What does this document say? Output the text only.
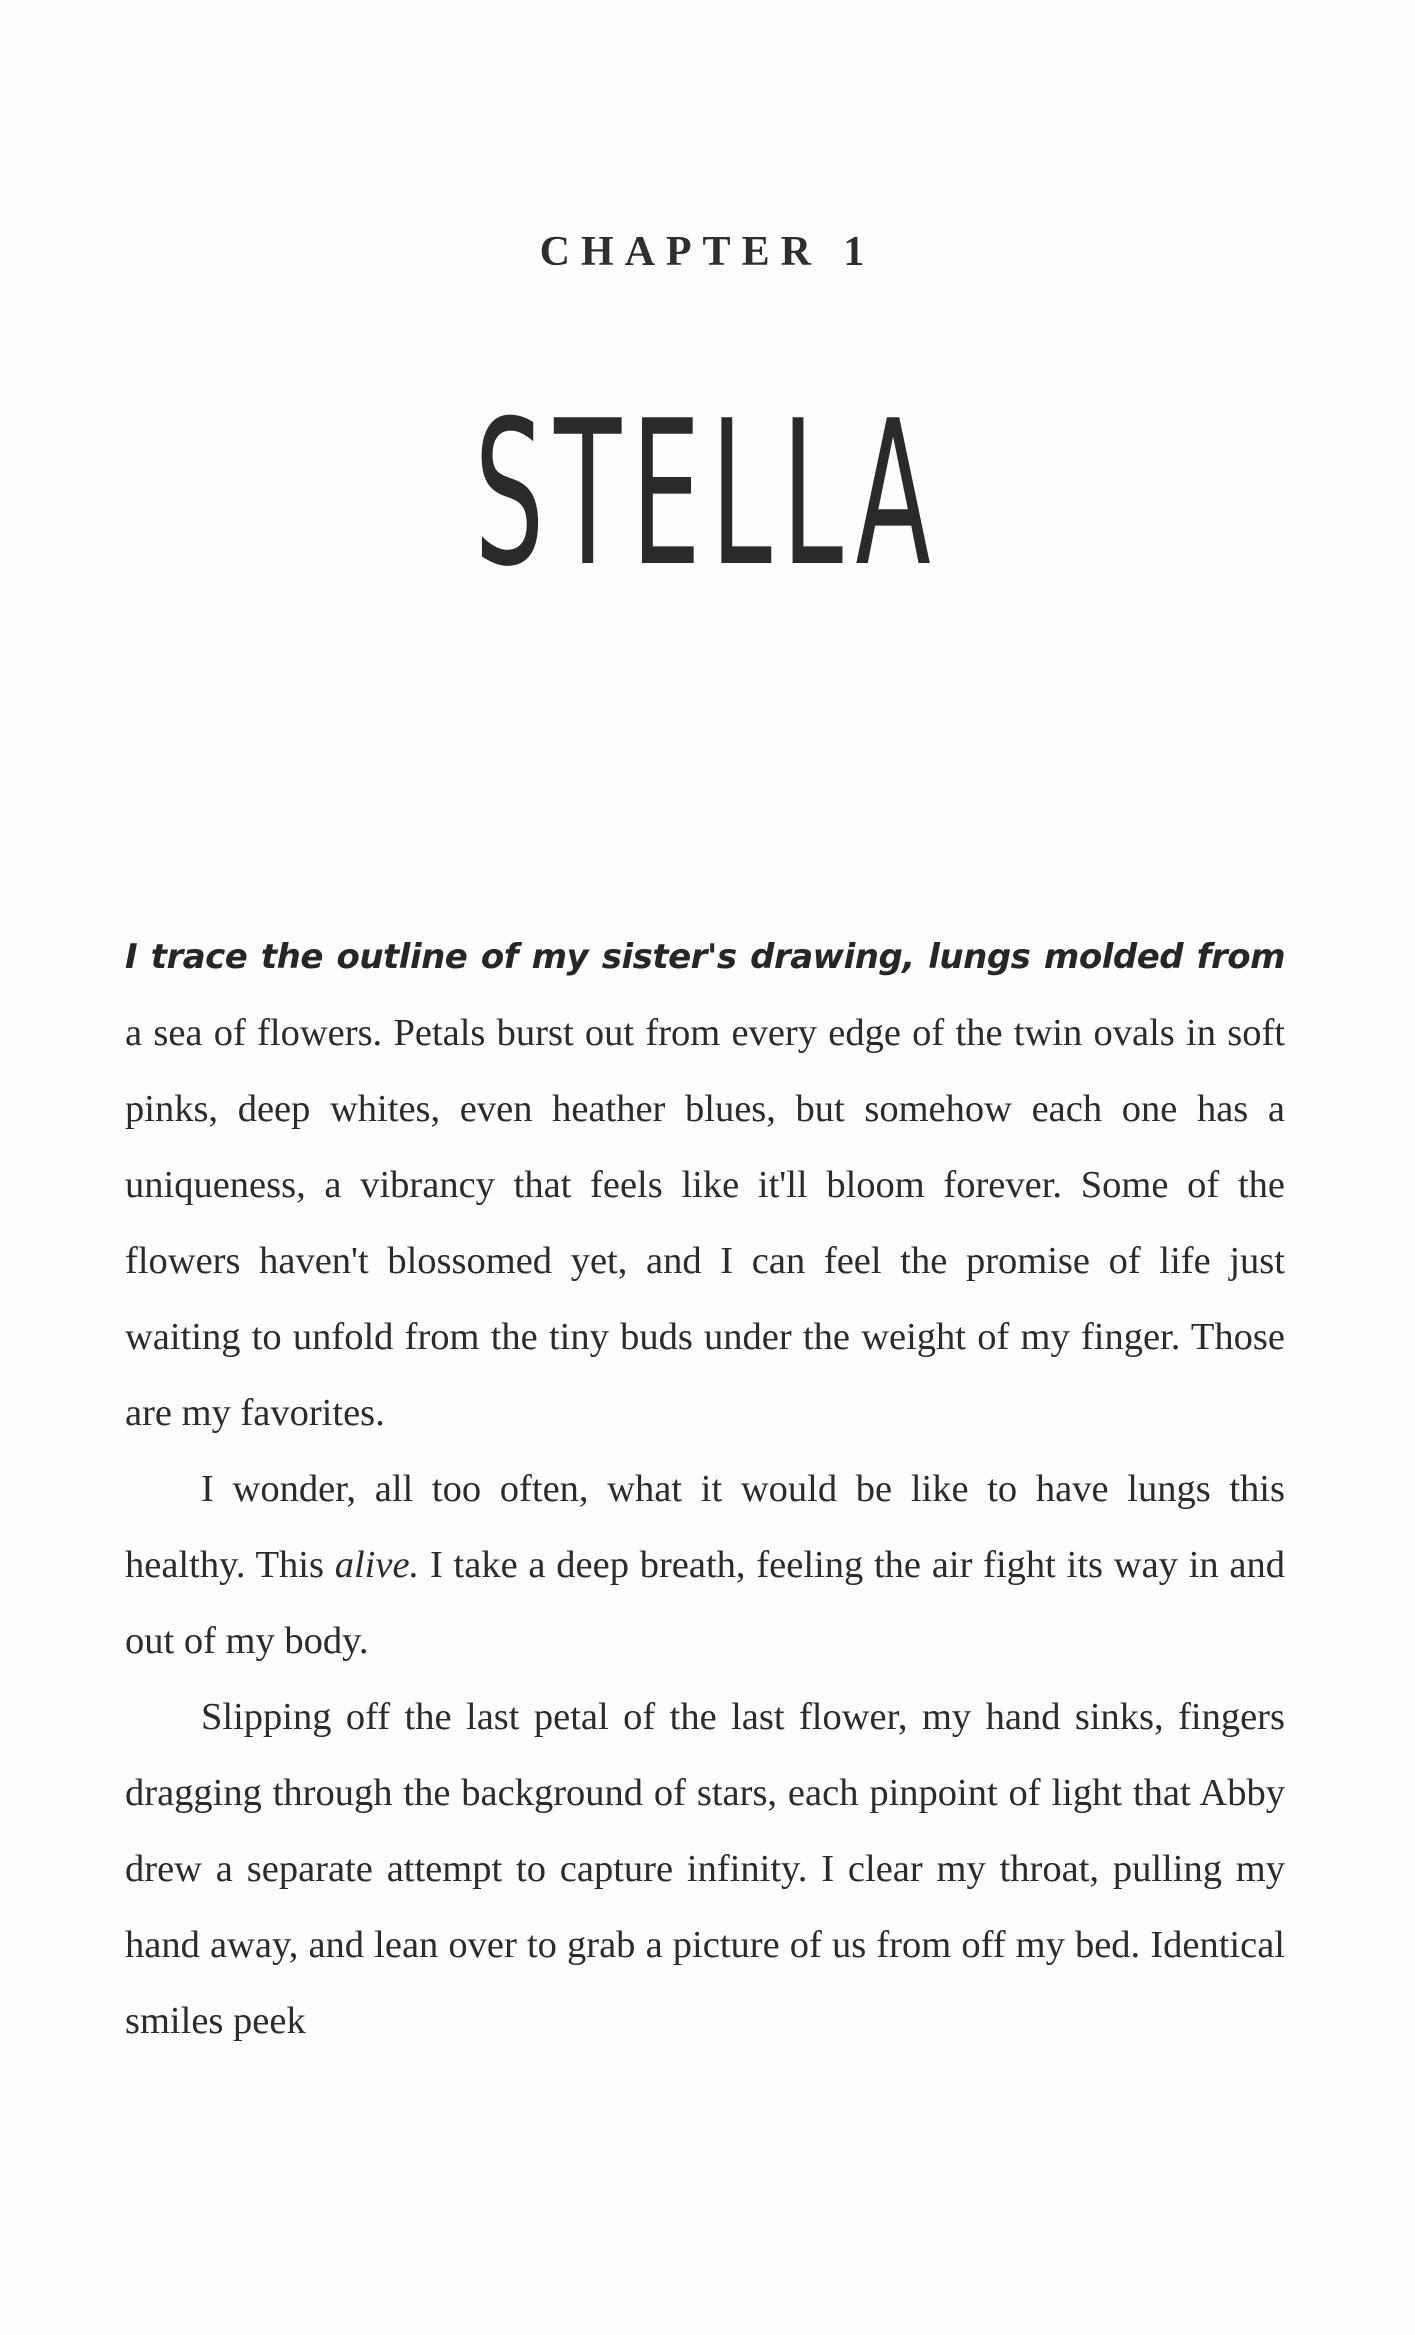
CHAPTER 1
STELLA

I trace the outline of my sister's drawing, lungs molded from a sea of flowers. Petals burst out from every edge of the twin ovals in soft pinks, deep whites, even heather blues, but somehow each one has a uniqueness, a vibrancy that feels like it'll bloom forever. Some of the flowers haven't blossomed yet, and I can feel the promise of life just waiting to unfold from the tiny buds under the weight of my finger. Those are my favorites.

I wonder, all too often, what it would be like to have lungs this healthy. This alive. I take a deep breath, feeling the air fight its way in and out of my body.

Slipping off the last petal of the last flower, my hand sinks, fingers dragging through the background of stars, each pinpoint of light that Abby drew a separate attempt to capture infinity. I clear my throat, pulling my hand away, and lean over to grab a picture of us from off my bed. Identical smiles peek
